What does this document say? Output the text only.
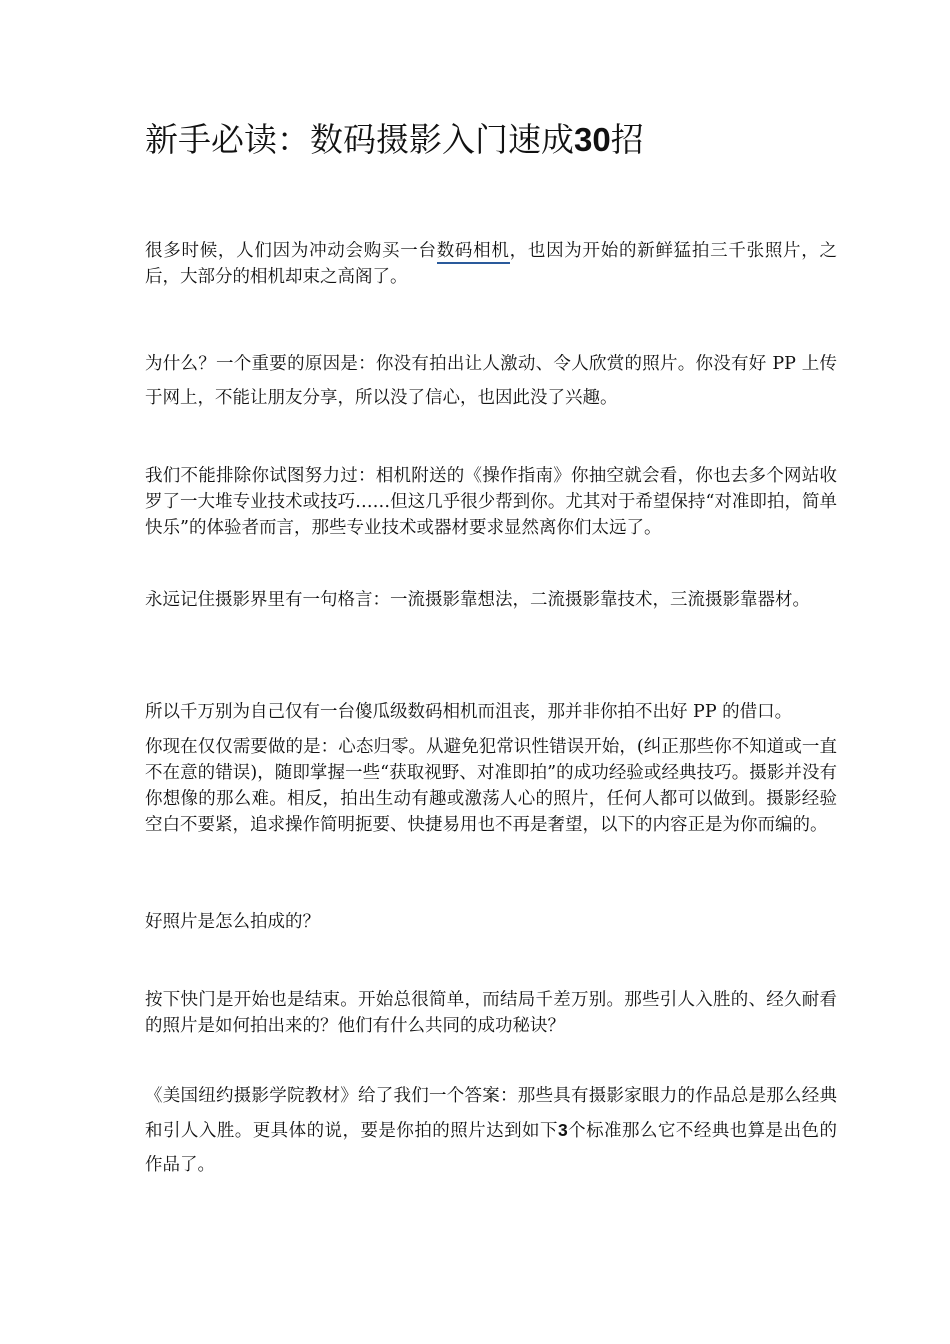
新手必读：数码摄影入门速成30招

很多时候，人们因为冲动会购买一台数码相机，也因为开始的新鲜猛拍三千张照片，之后，大部分的相机却束之高阁了。

为什么？一个重要的原因是：你没有拍出让人激动、令人欣赏的照片。你没有好 PP 上传于网上，不能让朋友分享，所以没了信心，也因此没了兴趣。

我们不能排除你试图努力过：相机附送的《操作指南》你抽空就会看，你也去多个网站收罗了一大堆专业技术或技巧……但这几乎很少帮到你。尤其对于希望保持“对准即拍，简单快乐”的体验者而言，那些专业技术或器材要求显然离你们太远了。

永远记住摄影界里有一句格言：一流摄影靠想法，二流摄影靠技术，三流摄影靠器材。

所以千万别为自己仅有一台傻瓜级数码相机而沮丧，那并非你拍不出好 PP 的借口。

你现在仅仅需要做的是：心态归零。从避免犯常识性错误开始，(纠正那些你不知道或一直不在意的错误)，随即掌握一些“获取视野、对准即拍”的成功经验或经典技巧。摄影并没有你想像的那么难。相反，拍出生动有趣或激荡人心的照片，任何人都可以做到。摄影经验空白不要紧，追求操作简明扼要、快捷易用也不再是奢望，以下的内容正是为你而编的。

好照片是怎么拍成的？

按下快门是开始也是结束。开始总很简单，而结局千差万别。那些引人入胜的、经久耐看的照片是如何拍出来的？他们有什么共同的成功秘诀？

《美国纽约摄影学院教材》给了我们一个答案：那些具有摄影家眼力的作品总是那么经典和引人入胜。更具体的说，要是你拍的照片达到如下3个标准那么它不经典也算是出色的作品了。
